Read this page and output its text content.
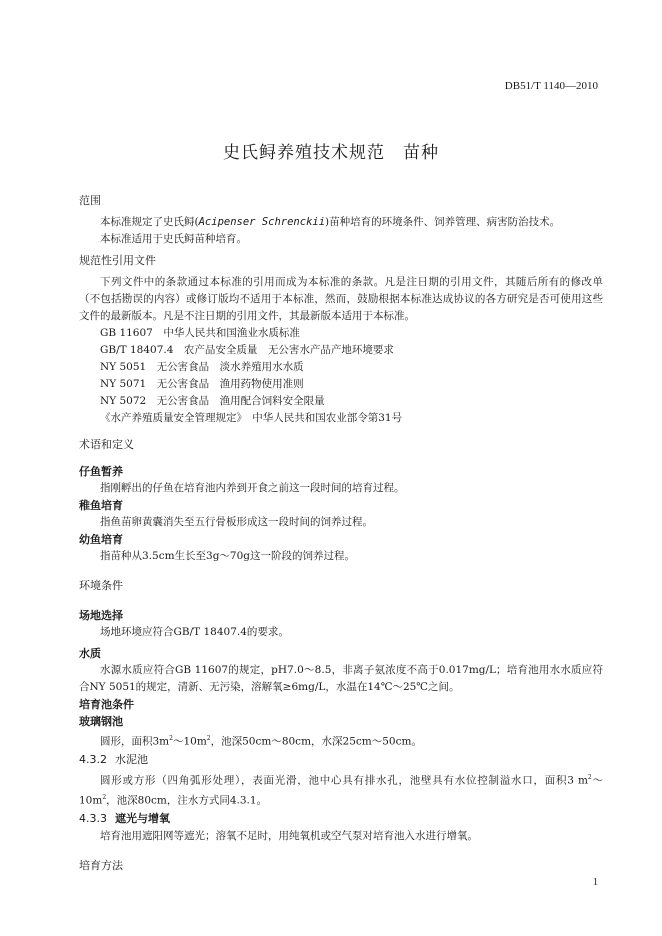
DB51/T 1140—2010
史氏鲟养殖技术规范　苗种
范围

本标准规定了史氏鲟(Acipenser Schrenckii)苗种培育的环境条件、饲养管理、病害防治技术。

本标准适用于史氏鲟苗种培育。

规范性引用文件

下列文件中的条款通过本标准的引用而成为本标准的条款。凡是注日期的引用文件，其随后所有的修改单（不包括勘误的内容）或修订版均不适用于本标准，然而，鼓励根据本标准达成协议的各方研究是否可使用这些文件的最新版本。凡是不注日期的引用文件，其最新版本适用于本标准。

GB 11607　中华人民共和国渔业水质标准

GB/T 18407.4　农产品安全质量　无公害水产品产地环境要求

NY 5051　无公害食品　淡水养殖用水水质

NY 5071　无公害食品　渔用药物使用准则

NY 5072　无公害食品　渔用配合饲料安全限量

《水产养殖质量安全管理规定》　中华人民共和国农业部令第31号

术语和定义
仔鱼暂养

指刚孵出的仔鱼在培育池内养到开食之前这一段时间的培育过程。

稚鱼培育

指鱼苗卵黄囊消失至五行骨板形成这一段时间的饲养过程。

幼鱼培育

指苗种从3.5cm生长至3g～70g这一阶段的饲养过程。

环境条件
场地选择

场地环境应符合GB/T 18407.4的要求。

水质

水源水质应符合GB 11607的规定，pH7.0～8.5，非离子氨浓度不高于0.017mg/L；培育池用水水质应符合NY 5051的规定，清新、无污染，溶解氧≥6mg/L，水温在14℃～25℃之间。

培育池条件
玻璃钢池

圆形，面积$3m^2\sim 10m^2$，池深50cm～80cm，水深25cm～50cm。

4.3.2 水泥池

圆形或方形（四角弧形处理），表面光滑，池中心具有排水孔，池壁具有水位控制溢水口，面积3 $m^2\sim 10m^2$，池深80cm，注水方式同4.3.1。

4.3.3 遮光与增氧

培育池用遮阳网等遮光；溶氧不足时，用纯氧机或空气泵对培育池入水进行增氧。

培育方法
1
